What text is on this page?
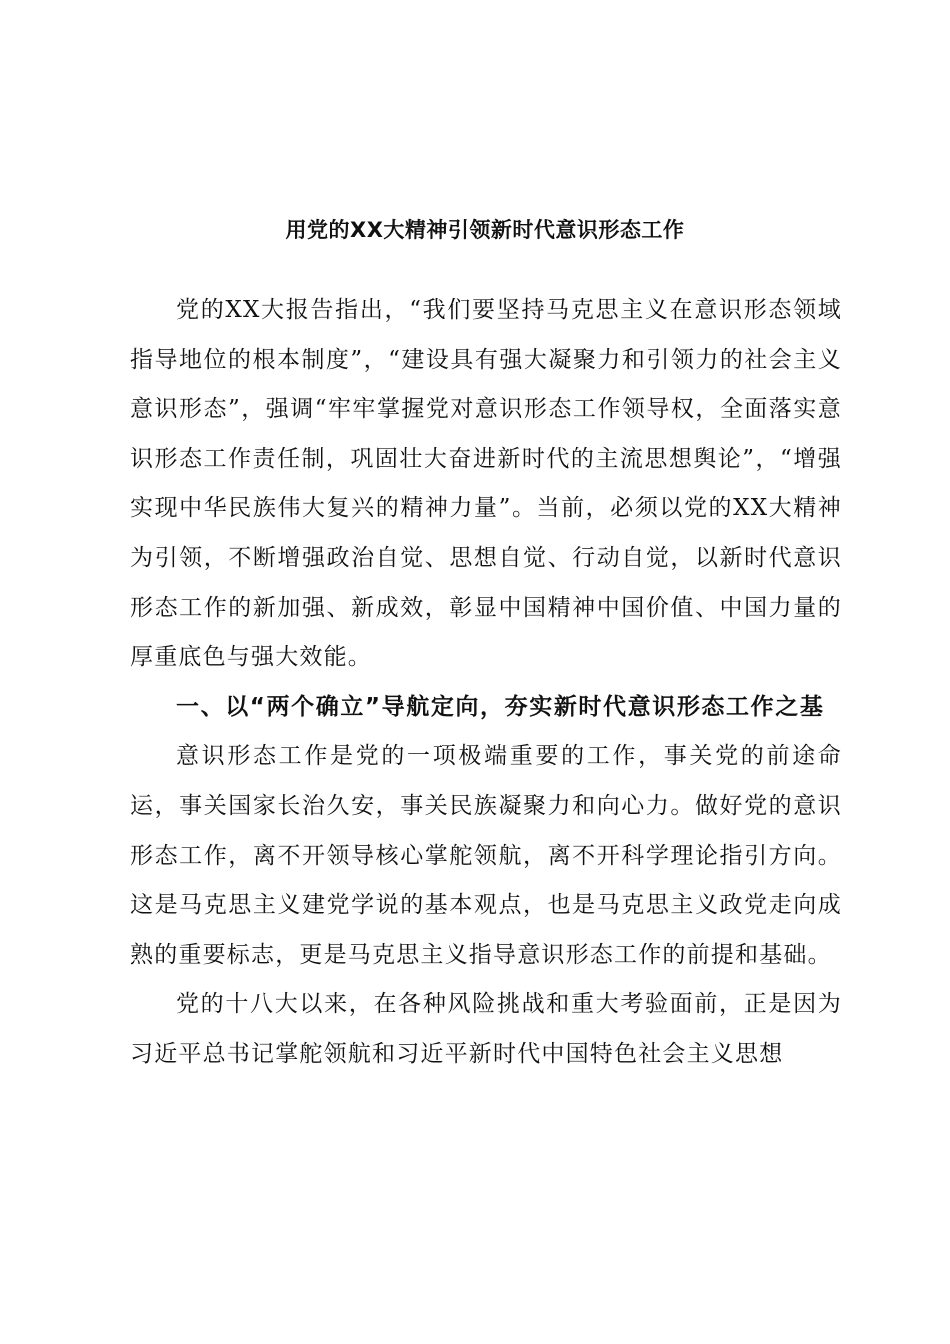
用党的XX大精神引领新时代意识形态工作

党的XX大报告指出，“我们要坚持马克思主义在意识形态领域指导地位的根本制度”，“建设具有强大凝聚力和引领力的社会主义意识形态”，强调“牢牢掌握党对意识形态工作领导权，全面落实意识形态工作责任制，巩固壮大奋进新时代的主流思想舆论”，“增强实现中华民族伟大复兴的精神力量”。当前，必须以党的XX大精神为引领，不断增强政治自觉、思想自觉、行动自觉，以新时代意识形态工作的新加强、新成效，彰显中国精神中国价值、中国力量的厚重底色与强大效能。

一、以“两个确立”导航定向，夯实新时代意识形态工作之基

意识形态工作是党的一项极端重要的工作，事关党的前途命运，事关国家长治久安，事关民族凝聚力和向心力。做好党的意识形态工作，离不开领导核心掌舵领航，离不开科学理论指引方向。这是马克思主义建党学说的基本观点，也是马克思主义政党走向成熟的重要标志，更是马克思主义指导意识形态工作的前提和基础。

党的十八大以来，在各种风险挑战和重大考验面前，正是因为习近平总书记掌舵领航和习近平新时代中国特色社会主义思想
